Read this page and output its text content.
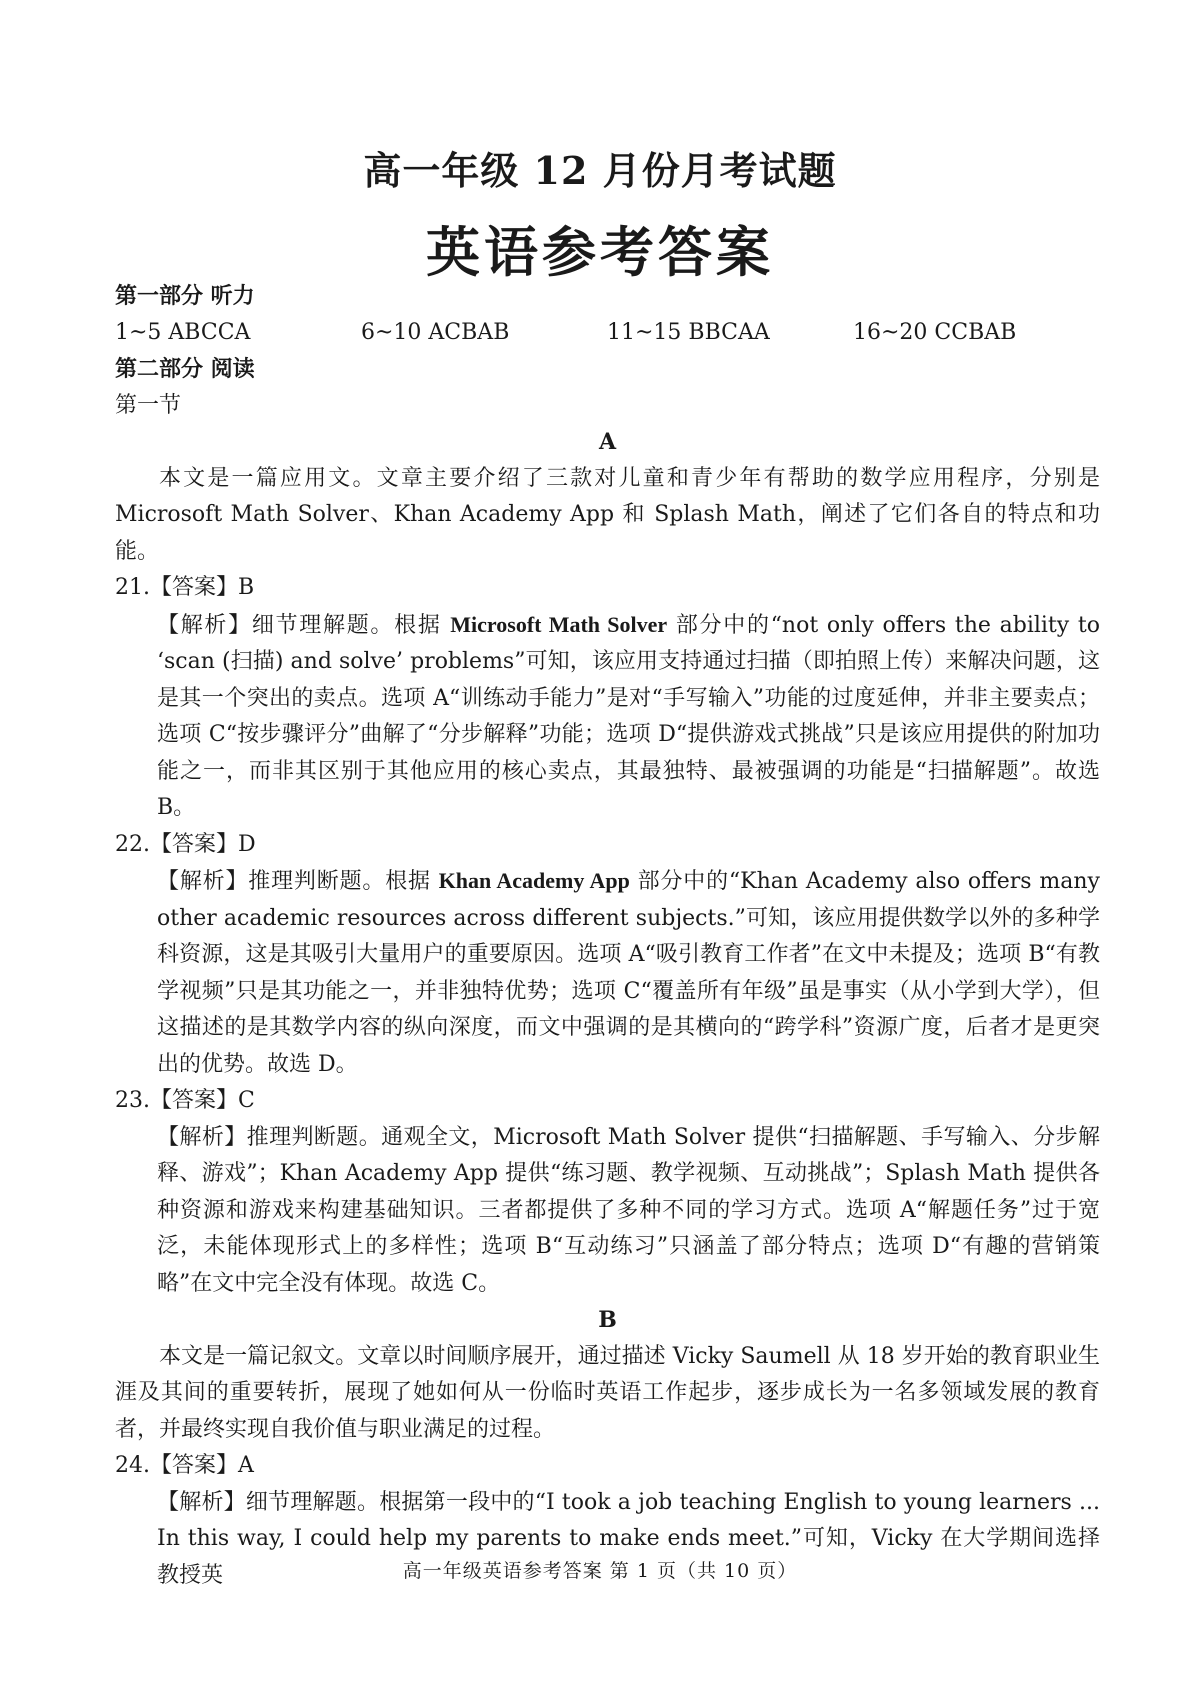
高一年级 12 月份月考试题
英语参考答案

第一部分 听力

1~5 ABCCA	6~10 ACBAB	11~15 BBCAA	16~20 CCBAB

第二部分 阅读

第一节

A

本文是一篇应用文。文章主要介绍了三款对儿童和青少年有帮助的数学应用程序，分别是 Microsoft Math Solver、Khan Academy App 和 Splash Math，阐述了它们各自的特点和功能。

21.【答案】B

【解析】细节理解题。根据 Microsoft Math Solver 部分中的“not only offers the ability to ‘scan (扫描) and solve’ problems”可知，该应用支持通过扫描（即拍照上传）来解决问题，这是其一个突出的卖点。选项 A“训练动手能力”是对“手写输入”功能的过度延伸，并非主要卖点；选项 C“按步骤评分”曲解了“分步解释”功能；选项 D“提供游戏式挑战”只是该应用提供的附加功能之一，而非其区别于其他应用的核心卖点，其最独特、最被强调的功能是“扫描解题”。故选 B。

22.【答案】D

【解析】推理判断题。根据 Khan Academy App 部分中的“Khan Academy also offers many other academic resources across different subjects.”可知，该应用提供数学以外的多种学科资源，这是其吸引大量用户的重要原因。选项 A“吸引教育工作者”在文中未提及；选项 B“有教学视频”只是其功能之一，并非独特优势；选项 C“覆盖所有年级”虽是事实（从小学到大学），但这描述的是其数学内容的纵向深度，而文中强调的是其横向的“跨学科”资源广度，后者才是更突出的优势。故选 D。

23.【答案】C

【解析】推理判断题。通观全文，Microsoft Math Solver 提供“扫描解题、手写输入、分步解释、游戏”；Khan Academy App 提供“练习题、教学视频、互动挑战”；Splash Math 提供各种资源和游戏来构建基础知识。三者都提供了多种不同的学习方式。选项 A“解题任务”过于宽泛，未能体现形式上的多样性；选项 B“互动练习”只涵盖了部分特点；选项 D“有趣的营销策略”在文中完全没有体现。故选 C。

B

本文是一篇记叙文。文章以时间顺序展开，通过描述 Vicky Saumell 从 18 岁开始的教育职业生涯及其间的重要转折，展现了她如何从一份临时英语工作起步，逐步成长为一名多领域发展的教育者，并最终实现自我价值与职业满足的过程。

24.【答案】A

【解析】细节理解题。根据第一段中的“I took a job teaching English to young learners ... In this way, I could help my parents to make ends meet.”可知，Vicky 在大学期间选择教授英	高一年级英语参考答案 第 1 页（共 10 页）
